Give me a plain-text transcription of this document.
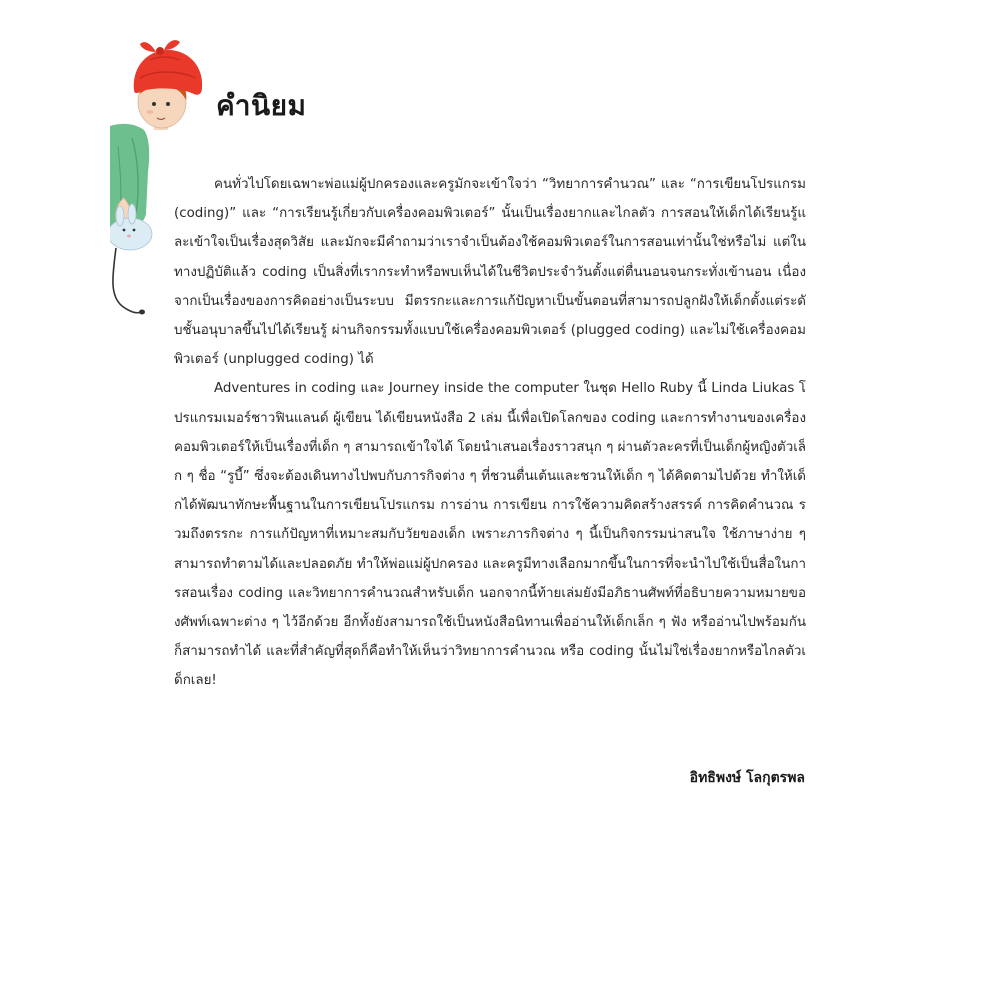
คำนิยม

คนทั่วไปโดยเฉพาะพ่อแม่ผู้ปกครองและครูมักจะเข้าใจว่า “วิทยาการคำนวณ” และ “การเขียนโปรแกรม (coding)” และ “การเรียนรู้เกี่ยวกับเครื่องคอมพิวเตอร์” นั้นเป็นเรื่องยากและไกลตัว การสอนให้เด็กได้เรียนรู้และเข้าใจเป็นเรื่องสุดวิสัย และมักจะมีคำถามว่าเราจำเป็นต้องใช้คอมพิวเตอร์ในการสอนเท่านั้นใช่หรือไม่ แต่ในทางปฏิบัติแล้ว coding เป็นสิ่งที่เรากระทำหรือพบเห็นได้ในชีวิตประจำวันตั้งแต่ตื่นนอนจนกระทั่งเข้านอน เนื่องจากเป็นเรื่องของการคิดอย่างเป็นระบบ มีตรรกะและการแก้ปัญหาเป็นขั้นตอนที่สามารถปลูกฝังให้เด็กตั้งแต่ระดับชั้นอนุบาลขึ้นไปได้เรียนรู้ ผ่านกิจกรรมทั้งแบบใช้เครื่องคอมพิวเตอร์ (plugged coding) และไม่ใช้เครื่องคอมพิวเตอร์ (unplugged coding) ได้

Adventures in coding และ Journey inside the computer ในชุด Hello Ruby นี้ Linda Liukas โปรแกรมเมอร์ชาวฟินแลนด์ ผู้เขียน ได้เขียนหนังสือ 2 เล่ม นี้เพื่อเปิดโลกของ coding และการทำงานของเครื่องคอมพิวเตอร์ให้เป็นเรื่องที่เด็ก ๆ สามารถเข้าใจได้ โดยนำเสนอเรื่องราวสนุก ๆ ผ่านตัวละครที่เป็นเด็กผู้หญิงตัวเล็ก ๆ ชื่อ “รูบี้” ซึ่งจะต้องเดินทางไปพบกับภารกิจต่าง ๆ ที่ชวนตื่นเต้นและชวนให้เด็ก ๆ ได้คิดตามไปด้วย ทำให้เด็กได้พัฒนาทักษะพื้นฐานในการเขียนโปรแกรม การอ่าน การเขียน การใช้ความคิดสร้างสรรค์ การคิดคำนวณ รวมถึงตรรกะ การแก้ปัญหาที่เหมาะสมกับวัยของเด็ก เพราะภารกิจต่าง ๆ นี้เป็นกิจกรรมน่าสนใจ ใช้ภาษาง่าย ๆ สามารถทำตามได้และปลอดภัย ทำให้พ่อแม่ผู้ปกครอง และครูมีทางเลือกมากขึ้นในการที่จะนำไปใช้เป็นสื่อในการสอนเรื่อง coding และวิทยาการคำนวณสำหรับเด็ก นอกจากนี้ท้ายเล่มยังมีอภิธานศัพท์ที่อธิบายความหมายของศัพท์เฉพาะต่าง ๆ ไว้อีกด้วย อีกทั้งยังสามารถใช้เป็นหนังสือนิทานเพื่ออ่านให้เด็กเล็ก ๆ ฟัง หรืออ่านไปพร้อมกันก็สามารถทำได้ และที่สำคัญที่สุดก็คือทำให้เห็นว่าวิทยาการคำนวณ หรือ coding นั้นไม่ใช่เรื่องยากหรือไกลตัวเด็กเลย!

อิทธิพงษ์ โลกุตรพล
